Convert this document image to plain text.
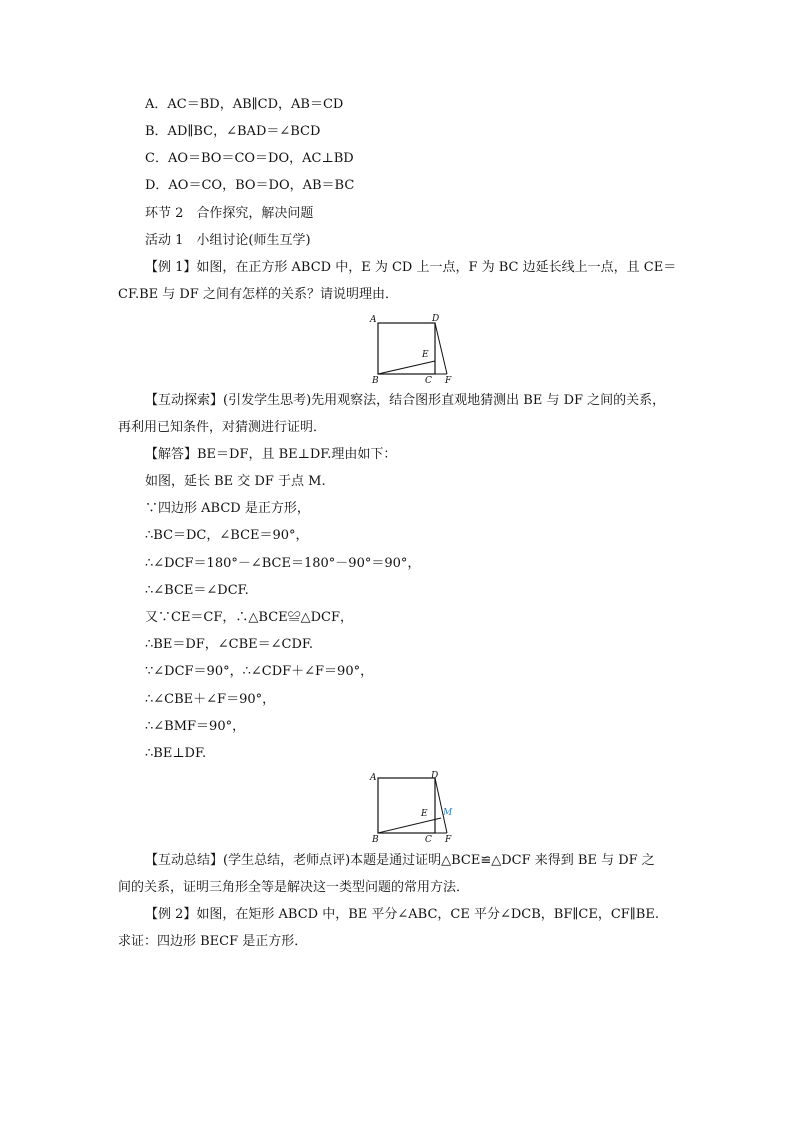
A．AC＝BD，AB∥CD，AB＝CD
B．AD∥BC，∠BAD＝∠BCD
C．AO＝BO＝CO＝DO，AC⊥BD
D．AO＝CO，BO＝DO，AB＝BC
环节 2　合作探究，解决问题
活动 1　小组讨论(师生互学)
【例 1】如图，在正方形 ABCD 中，E 为 CD 上一点，F 为 BC 边延长线上一点，且 CE＝
CF.BE 与 DF 之间有怎样的关系？请说明理由．
A	D
E
B	C F
【互动探索】(引发学生思考)先用观察法，结合图形直观地猜测出 BE 与 DF 之间的关系，
再利用已知条件，对猜测进行证明．
【解答】BE＝DF，且 BE⊥DF.理由如下：
如图，延长 BE 交 DF 于点 M.
∵四边形 ABCD 是正方形，
∴BC＝DC，∠BCE＝90°，
∴∠DCF＝180°－∠BCE＝180°－90°＝90°，
∴∠BCE＝∠DCF.
又∵CE＝CF，∴△BCE≌△DCF，
∴BE＝DF，∠CBE＝∠CDF.
∵∠DCF＝90°，∴∠CDF＋∠F＝90°，
∴∠CBE＋∠F＝90°，
∴∠BMF＝90°，
∴BE⊥DF.
A	D
E M
B	C F
【互动总结】(学生总结，老师点评)本题是通过证明△BCE≌△DCF 来得到 BE 与 DF 之
间的关系，证明三角形全等是解决这一类型问题的常用方法．
【例 2】如图，在矩形 ABCD 中，BE 平分∠ABC，CE 平分∠DCB，BF∥CE，CF∥BE.
求证：四边形 BECF 是正方形．
